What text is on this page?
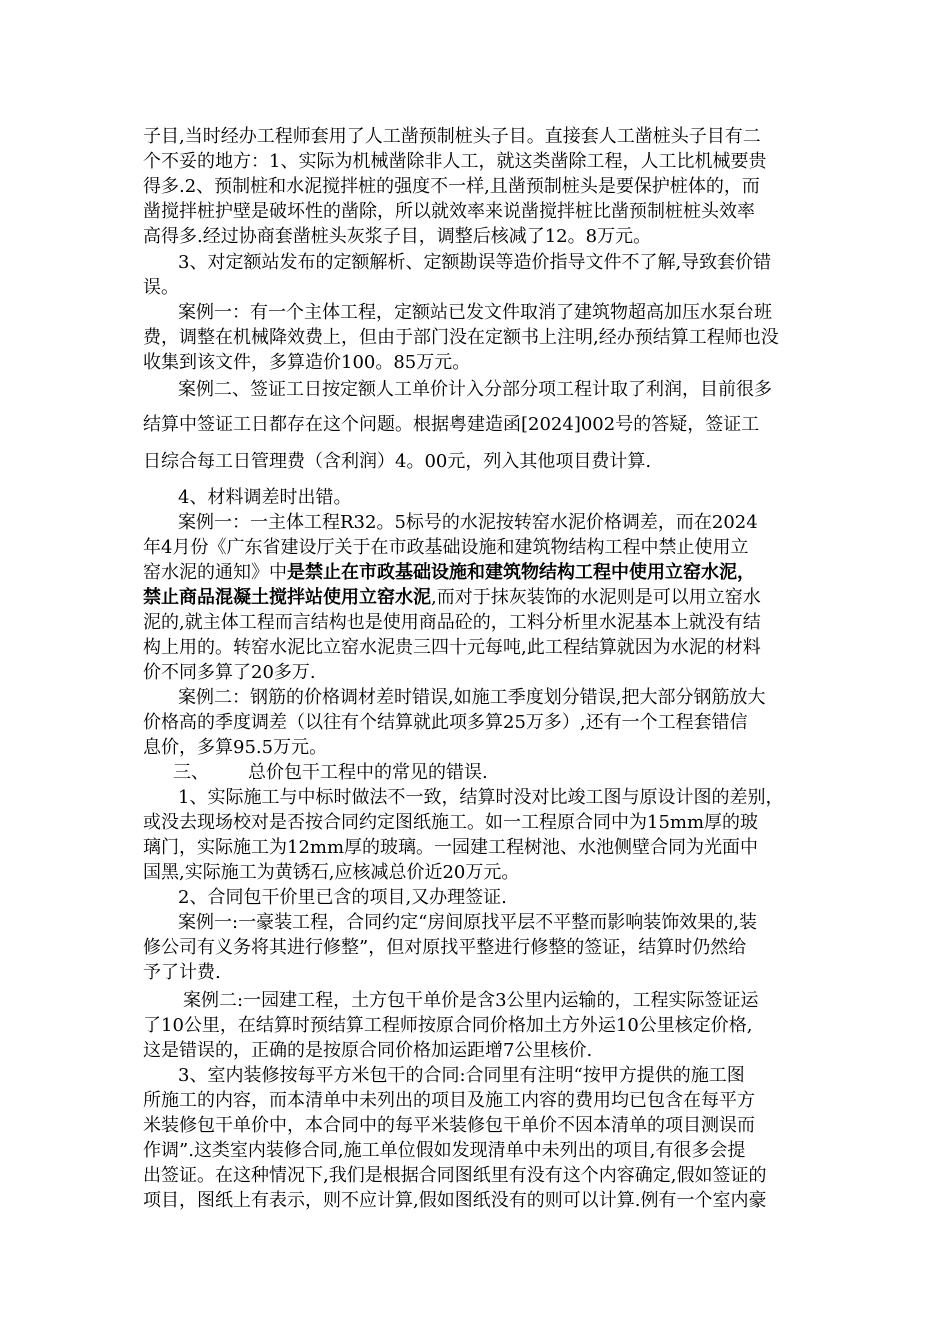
子目,当时经办工程师套用了人工凿预制桩头子目。直接套人工凿桩头子目有二
个不妥的地方：1、实际为机械凿除非人工，就这类凿除工程，人工比机械要贵
得多.2、预制桩和水泥搅拌桩的强度不一样,且凿预制桩头是要保护桩体的，而
凿搅拌桩护壁是破坏性的凿除，所以就效率来说凿搅拌桩比凿预制桩桩头效率
高得多.经过协商套凿桩头灰浆子目，调整后核减了12。8万元。
3、对定额站发布的定额解析、定额勘误等造价指导文件不了解,导致套价错
误。
案例一：有一个主体工程，定额站已发文件取消了建筑物超高加压水泵台班
费，调整在机械降效费上，但由于部门没在定额书上注明,经办预结算工程师也没
收集到该文件，多算造价100。85万元。
案例二、签证工日按定额人工单价计入分部分项工程计取了利润，目前很多
结算中签证工日都存在这个问题。根据粤建造函[2024]002号的答疑，签证工
日综合每工日管理费（含利润）4。00元，列入其他项目费计算.
4、材料调差时出错。
案例一：一主体工程R32。5标号的水泥按转窑水泥价格调差，而在2024
年4月份《广东省建设厅关于在市政基础设施和建筑物结构工程中禁止使用立
窑水泥的通知》中是禁止在市政基础设施和建筑物结构工程中使用立窑水泥，
禁止商品混凝土搅拌站使用立窑水泥,而对于抹灰装饰的水泥则是可以用立窑水
泥的,就主体工程而言结构也是使用商品砼的，工料分析里水泥基本上就没有结
构上用的。转窑水泥比立窑水泥贵三四十元每吨,此工程结算就因为水泥的材料
价不同多算了20多万.
案例二：钢筋的价格调材差时错误,如施工季度划分错误,把大部分钢筋放大
价格高的季度调差（以往有个结算就此项多算25万多）,还有一个工程套错信
息价，多算95.5万元。
三、 总价包干工程中的常见的错误.
1、实际施工与中标时做法不一致，结算时没对比竣工图与原设计图的差别，
或没去现场校对是否按合同约定图纸施工。如一工程原合同中为15mm厚的玻
璃门，实际施工为12mm厚的玻璃。一园建工程树池、水池侧壁合同为光面中
国黑,实际施工为黄锈石,应核减总价近20万元。
2、合同包干价里已含的项目,又办理签证.
案例一:一豪装工程，合同约定“房间原找平层不平整而影响装饰效果的,装
修公司有义务将其进行修整”，但对原找平整进行修整的签证，结算时仍然给
予了计费.
案例二:一园建工程，土方包干单价是含3公里内运输的，工程实际签证运
了10公里，在结算时预结算工程师按原合同价格加土方外运10公里核定价格,
这是错误的，正确的是按原合同价格加运距增7公里核价.
3、室内装修按每平方米包干的合同:合同里有注明“按甲方提供的施工图
所施工的内容，而本清单中未列出的项目及施工内容的费用均已包含在每平方
米装修包干单价中，本合同中的每平米装修包干单价不因本清单的项目测误而
作调”.这类室内装修合同,施工单位假如发现清单中未列出的项目,有很多会提
出签证。在这种情况下,我们是根据合同图纸里有没有这个内容确定,假如签证的
项目，图纸上有表示，则不应计算,假如图纸没有的则可以计算.例有一个室内豪
